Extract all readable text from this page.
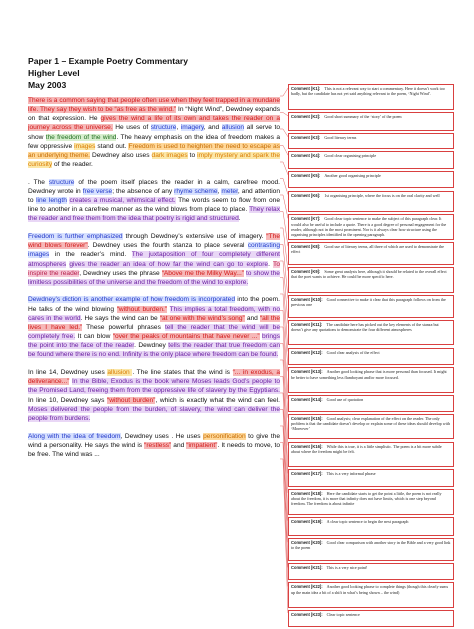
Paper 1 – Example Poetry Commentary
Higher Level
May 2003

There is a common saying that people often use when they feel trapped in a mundane life. They say they wish to be “as free as the wind.” In “Night Wind”, Dewdney expands on that expression. He gives the wind a life of its own and takes the reader on a journey across the universe. He uses of structure, imagery, and allusion all serve to show the freedom of the wind. The heavy emphasis on the idea of freedom makes a few oppressive images stand out. Freedom is used to heighten the need to escape as an underlying theme. Dewdney also uses dark images to imply mystery and spark the curiosity of the reader.

. The structure of the poem itself places the reader in a calm, carefree mood. Dewdney wrote in free verse; the absence of any rhyme scheme, meter, and attention to line length creates a musical, whimsical effect. The words seem to flow from one line to another in a carefree manner as the wind blows from place to place. They relax the reader and free them from the idea that poetry is rigid and structured.

Freedom is further emphasized through Dewdney’s extensive use of imagery. “The wind blows forever”. Dewdney uses the fourth stanza to place several contrasting images in the reader’s mind. The juxtaposition of four completely different atmospheres gives the reader an idea of how far the wind can go to explore. To inspire the reader, Dewdney uses the phrase “Above me the Milky Way...” to show the limitless possibilities of the universe and the freedom of the wind to explore.

Dewdney’s diction is another example of how freedom is incorporated into the poem. He talks of the wind blowing “without burden.” This implies a total freedom, with no cares in the world. He says the wind can be “at one with the wind’s song” and “all the lives I have led.” These powerful phrases tell the reader that the wind will be completely free. It can blow “over the peaks of mountains that have never ...” brings the point into the face of the reader. Dewdney tells the reader that true freedom can be found where there is no end. Infinity is the only place where freedom can be found.

In line 14, Dewdney uses allusion . The line states that the wind is “... in exodus, a deliverance...” In the Bible, Exodus is the book where Moses leads God’s people to the Promised Land, freeing them from the oppressive life of slavery by the Egyptians. In line 10, Dewdney says “without burden”, which is exactly what the wind can feel. Moses delivered the people from the burden, of slavery, the wind can deliver the people from burdens.

Along with the idea of freedom, Dewdney uses . He uses personification to give the wind a personality. He says the wind is “restless” and “impatient”. It needs to move, to be free. The wind was ...

Comment [K1]: This is not a relevant way to start a commentary. Here it doesn’t work too badly, but the candidate has not yet said anything relevant to the poem, ‘Night Wind’.
Comment [K2]: Good short summary of the ‘story’ of the poem
Comment [K3]: Good literary terms
Comment [K4]: Good clear organising principle
Comment [K5]: Another good organising principle
Comment [K6]: 1st organising principle, where the focus is on the oral clarity and well
Comment [K7]: Good clear topic sentence to make the subject of this paragraph clear. It would also be useful to include a quote. There is a good degree of personal engagement for the reader, although not in the most prominent. Nor is it always clear how structure using the organising principles identified in the opening paragraph.
Comment [K8]: Good use of literary terms, all three of which are used to demonstrate the effect
Comment [K9]: Some great analysis here, although it should be related to the overall effect that the poet wants to achieve. He could be more specific here.
Comment [K10]: Good connective to make it clear that this paragraph follows on from the previous one
Comment [K11]: The candidate here has picked out the key elements of the stanza but doesn’t give any quotations to demonstrate the four different atmospheres
Comment [K12]: Good clear analysis of the effect
Comment [K13]: Another good looking phrase that is more personal than focused. It might be better to have something less flamboyant and/or more focused.
Comment [K14]: Good use of quotation
Comment [K15]: Good analysis; clear explanation of the effect on the reader. The only problem is that the candidate doesn’t develop or explain some of these ideas should develop with ‘Moreover’
Comment [K16]: While this is true, it is a little simplistic. The poem is a bit more subtle about where the freedom might be felt.
Comment [K17]: This is a very informal phrase
Comment [K18]: Here the candidate starts to get the point a little, the poem is not really about the freedom, it is more that infinity does not have limits, which is one step beyond freedom. The freedom is about infinite
Comment [K19]: A clear topic sentence to begin the next paragraph
Comment [K20]: Good clear comparison with another story in the Bible and a very good link to the poem
Comment [K21]: This is a very nice point!
Comment [K22]: Another good looking phrase to complete things (though this clearly sums up the main idea a bit of a shift in what’s being shown – the wind)
Comment [K23]: Clear topic sentence
